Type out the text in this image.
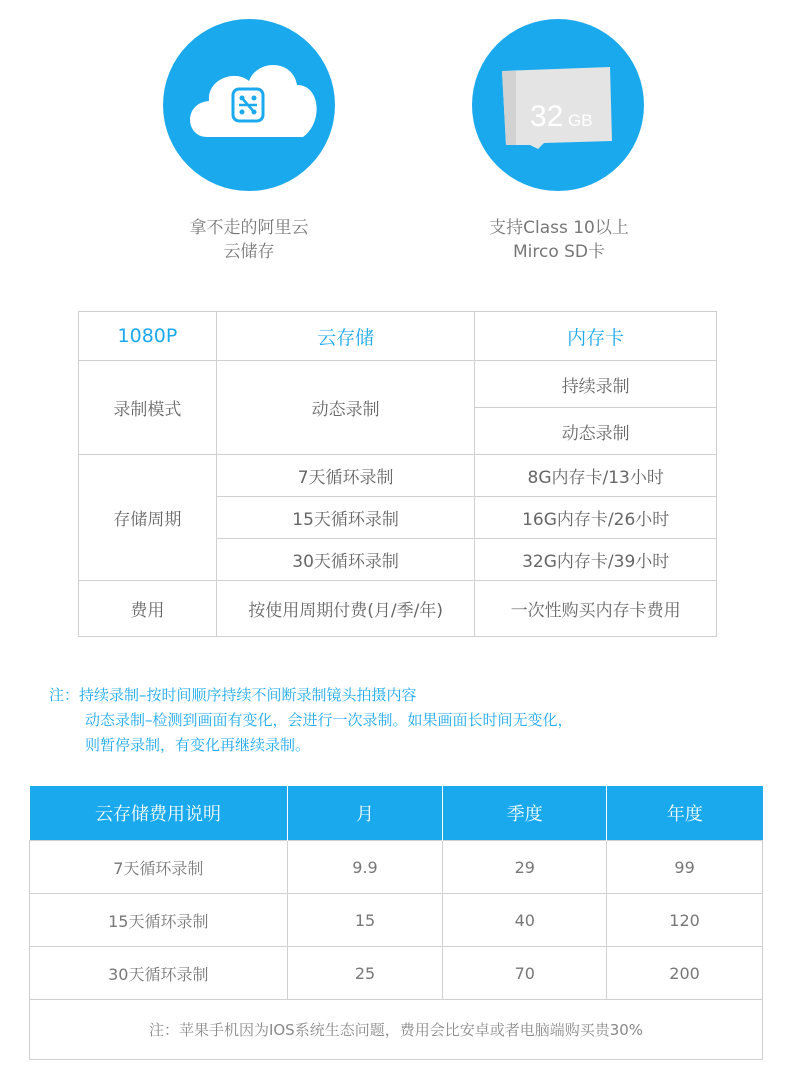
拿不走的阿里云
云储存
32 GB
支持Class 10以上
Mirco SD卡
1080P	云存储	内存卡
录制模式	动态录制	持续录制
		动态录制
存储周期	7天循环录制	8G内存卡/13小时
	15天循环录制	16G内存卡/26小时
	30天循环录制	32G内存卡/39小时
费用	按使用周期付费(月/季/年)	一次性购买内存卡费用
注：持续录制–按时间顺序持续不间断录制镜头拍摄内容
动态录制–检测到画面有变化，会进行一次录制。如果画面长时间无变化，
则暂停录制，有变化再继续录制。
云存储费用说明	月	季度	年度
7天循环录制	9.9	29	99
15天循环录制	15	40	120
30天循环录制	25	70	200
注：苹果手机因为IOS系统生态问题，费用会比安卓或者电脑端购买贵30%			
